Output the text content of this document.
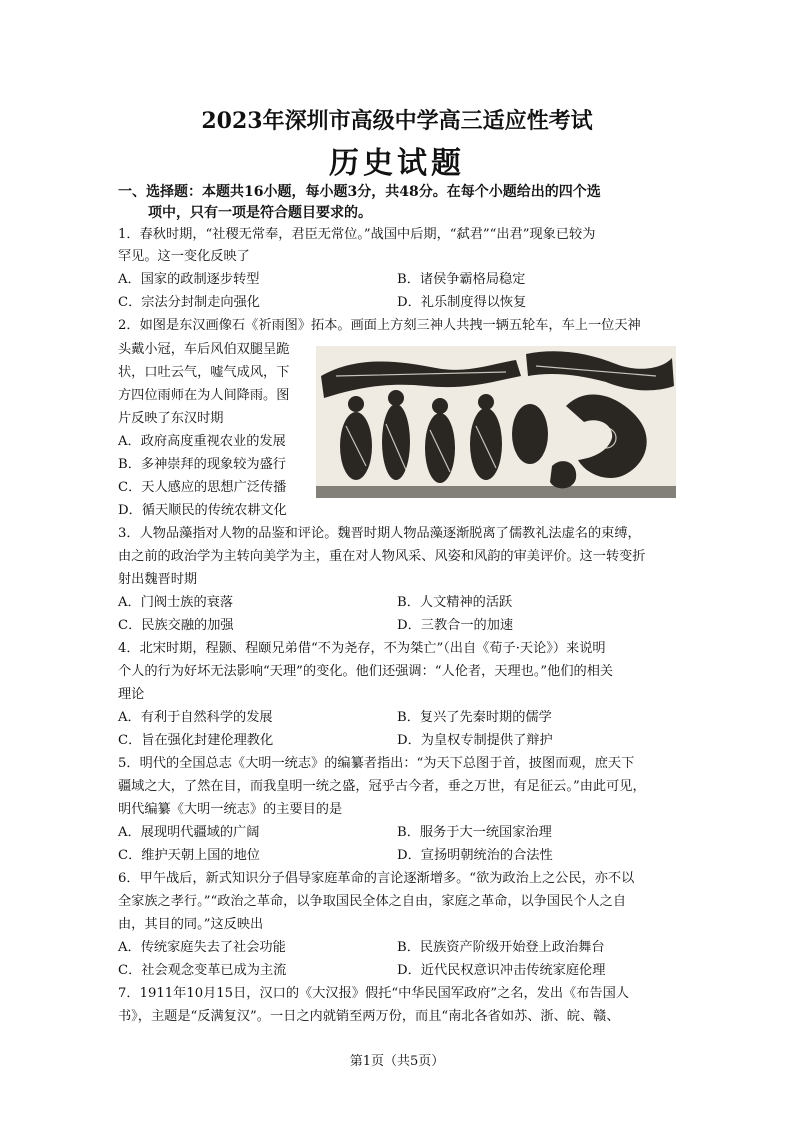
2023年深圳市高级中学高三适应性考试
历史试题
一、选择题：本题共16小题，每小题3分，共48分。在每个小题给出的四个选
项中，只有一项是符合题目要求的。
1．春秋时期，“社稷无常奉，君臣无常位。”战国中后期，“弑君”“出君”现象已较为
罕见。这一变化反映了
A．国家的政制逐步转型	B．诸侯争霸格局稳定
C．宗法分封制走向强化	D．礼乐制度得以恢复
2．如图是东汉画像石《祈雨图》拓本。画面上方刻三神人共拽一辆五轮车，车上一位天神
头戴小冠，车后风伯双腿呈跪
状，口吐云气，嘘气成风，下
方四位雨师在为人间降雨。图
片反映了东汉时期
A．政府高度重视农业的发展
B．多神崇拜的现象较为盛行
C．天人感应的思想广泛传播
D．循天顺民的传统农耕文化
3．人物品藻指对人物的品鉴和评论。魏晋时期人物品藻逐渐脱离了儒教礼法虚名的束缚，
由之前的政治学为主转向美学为主，重在对人物风采、风姿和风韵的审美评价。这一转变折
射出魏晋时期
A．门阀士族的衰落	B．人文精神的活跃
C．民族交融的加强	D．三教合一的加速
4．北宋时期，程颢、程颐兄弟借“不为尧存，不为桀亡”（出自《荀子·天论》）来说明
个人的行为好坏无法影响“天理”的变化。他们还强调：“人伦者，天理也。”他们的相关
理论
A．有利于自然科学的发展	B．复兴了先秦时期的儒学
C．旨在强化封建伦理教化	D．为皇权专制提供了辩护
5．明代的全国总志《大明一统志》的编纂者指出：“为天下总图于首，披图而观，庶天下
疆域之大，了然在目，而我皇明一统之盛，冠乎古今者，垂之万世，有足征云。”由此可见，
明代编纂《大明一统志》的主要目的是
A．展现明代疆域的广阔	B．服务于大一统国家治理
C．维护天朝上国的地位	D．宣扬明朝统治的合法性
6．甲午战后，新式知识分子倡导家庭革命的言论逐渐增多。“欲为政治上之公民，亦不以
全家族之孝行。”“政治之革命，以争取国民全体之自由，家庭之革命，以争国民个人之自
由，其目的同。”这反映出
A．传统家庭失去了社会功能	B．民族资产阶级开始登上政治舞台
C．社会观念变革已成为主流	D．近代民权意识冲击传统家庭伦理
7．1911年10月15日，汉口的《大汉报》假托“中华民国军政府”之名，发出《布告国人
书》，主题是“反满复汉”。一日之内就销至两万份，而且“南北各省如苏、浙、皖、赣、
第1页（共5页）
